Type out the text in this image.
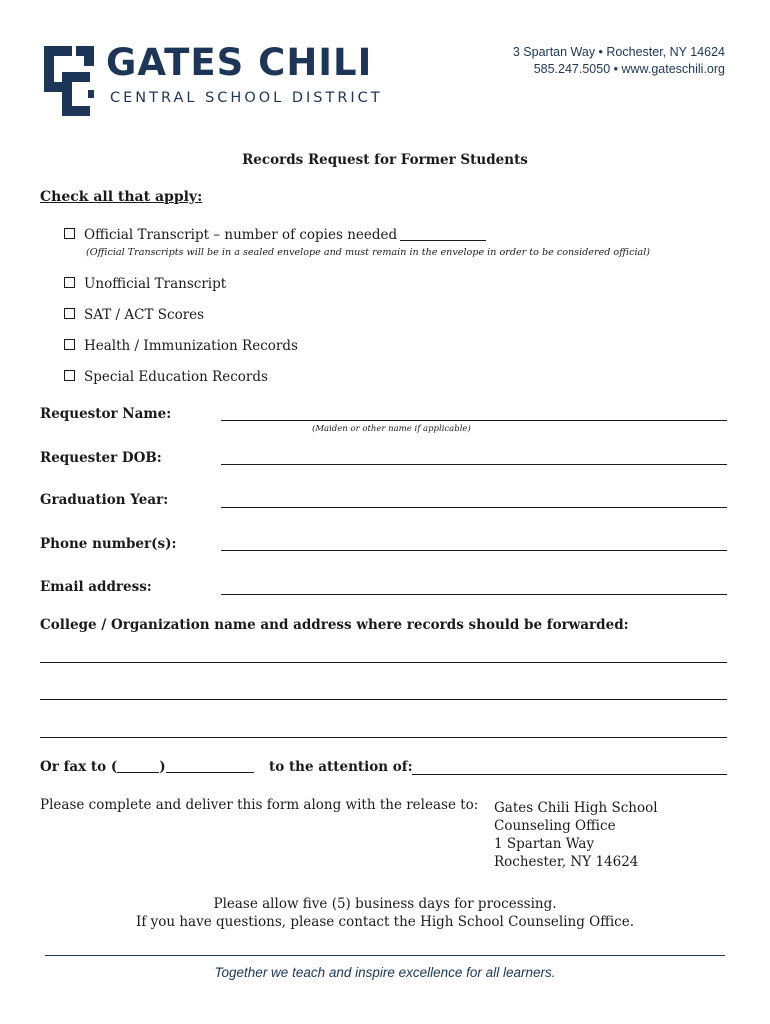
GATES CHILI
CENTRAL SCHOOL DISTRICT
3 Spartan Way • Rochester, NY 14624
585.247.5050 • www.gateschili.org
Records Request for Former Students
Check all that apply:
Official Transcript – number of copies needed
(Official Transcripts will be in a sealed envelope and must remain in the envelope in order to be considered official)
Unofficial Transcript
SAT / ACT Scores
Health / Immunization Records
Special Education Records
Requestor Name:
(Maiden or other name if applicable)
Requester DOB:
Graduation Year:
Phone number(s):
Email address:
College / Organization name and address where records should be forwarded:
Or fax to (	)	to the attention of:
Please complete and deliver this form along with the release to: Gates Chili High School
Counseling Office
1 Spartan Way
Rochester, NY 14624
Please allow five (5) business days for processing.
If you have questions, please contact the High School Counseling Office.
Together we teach and inspire excellence for all learners.
